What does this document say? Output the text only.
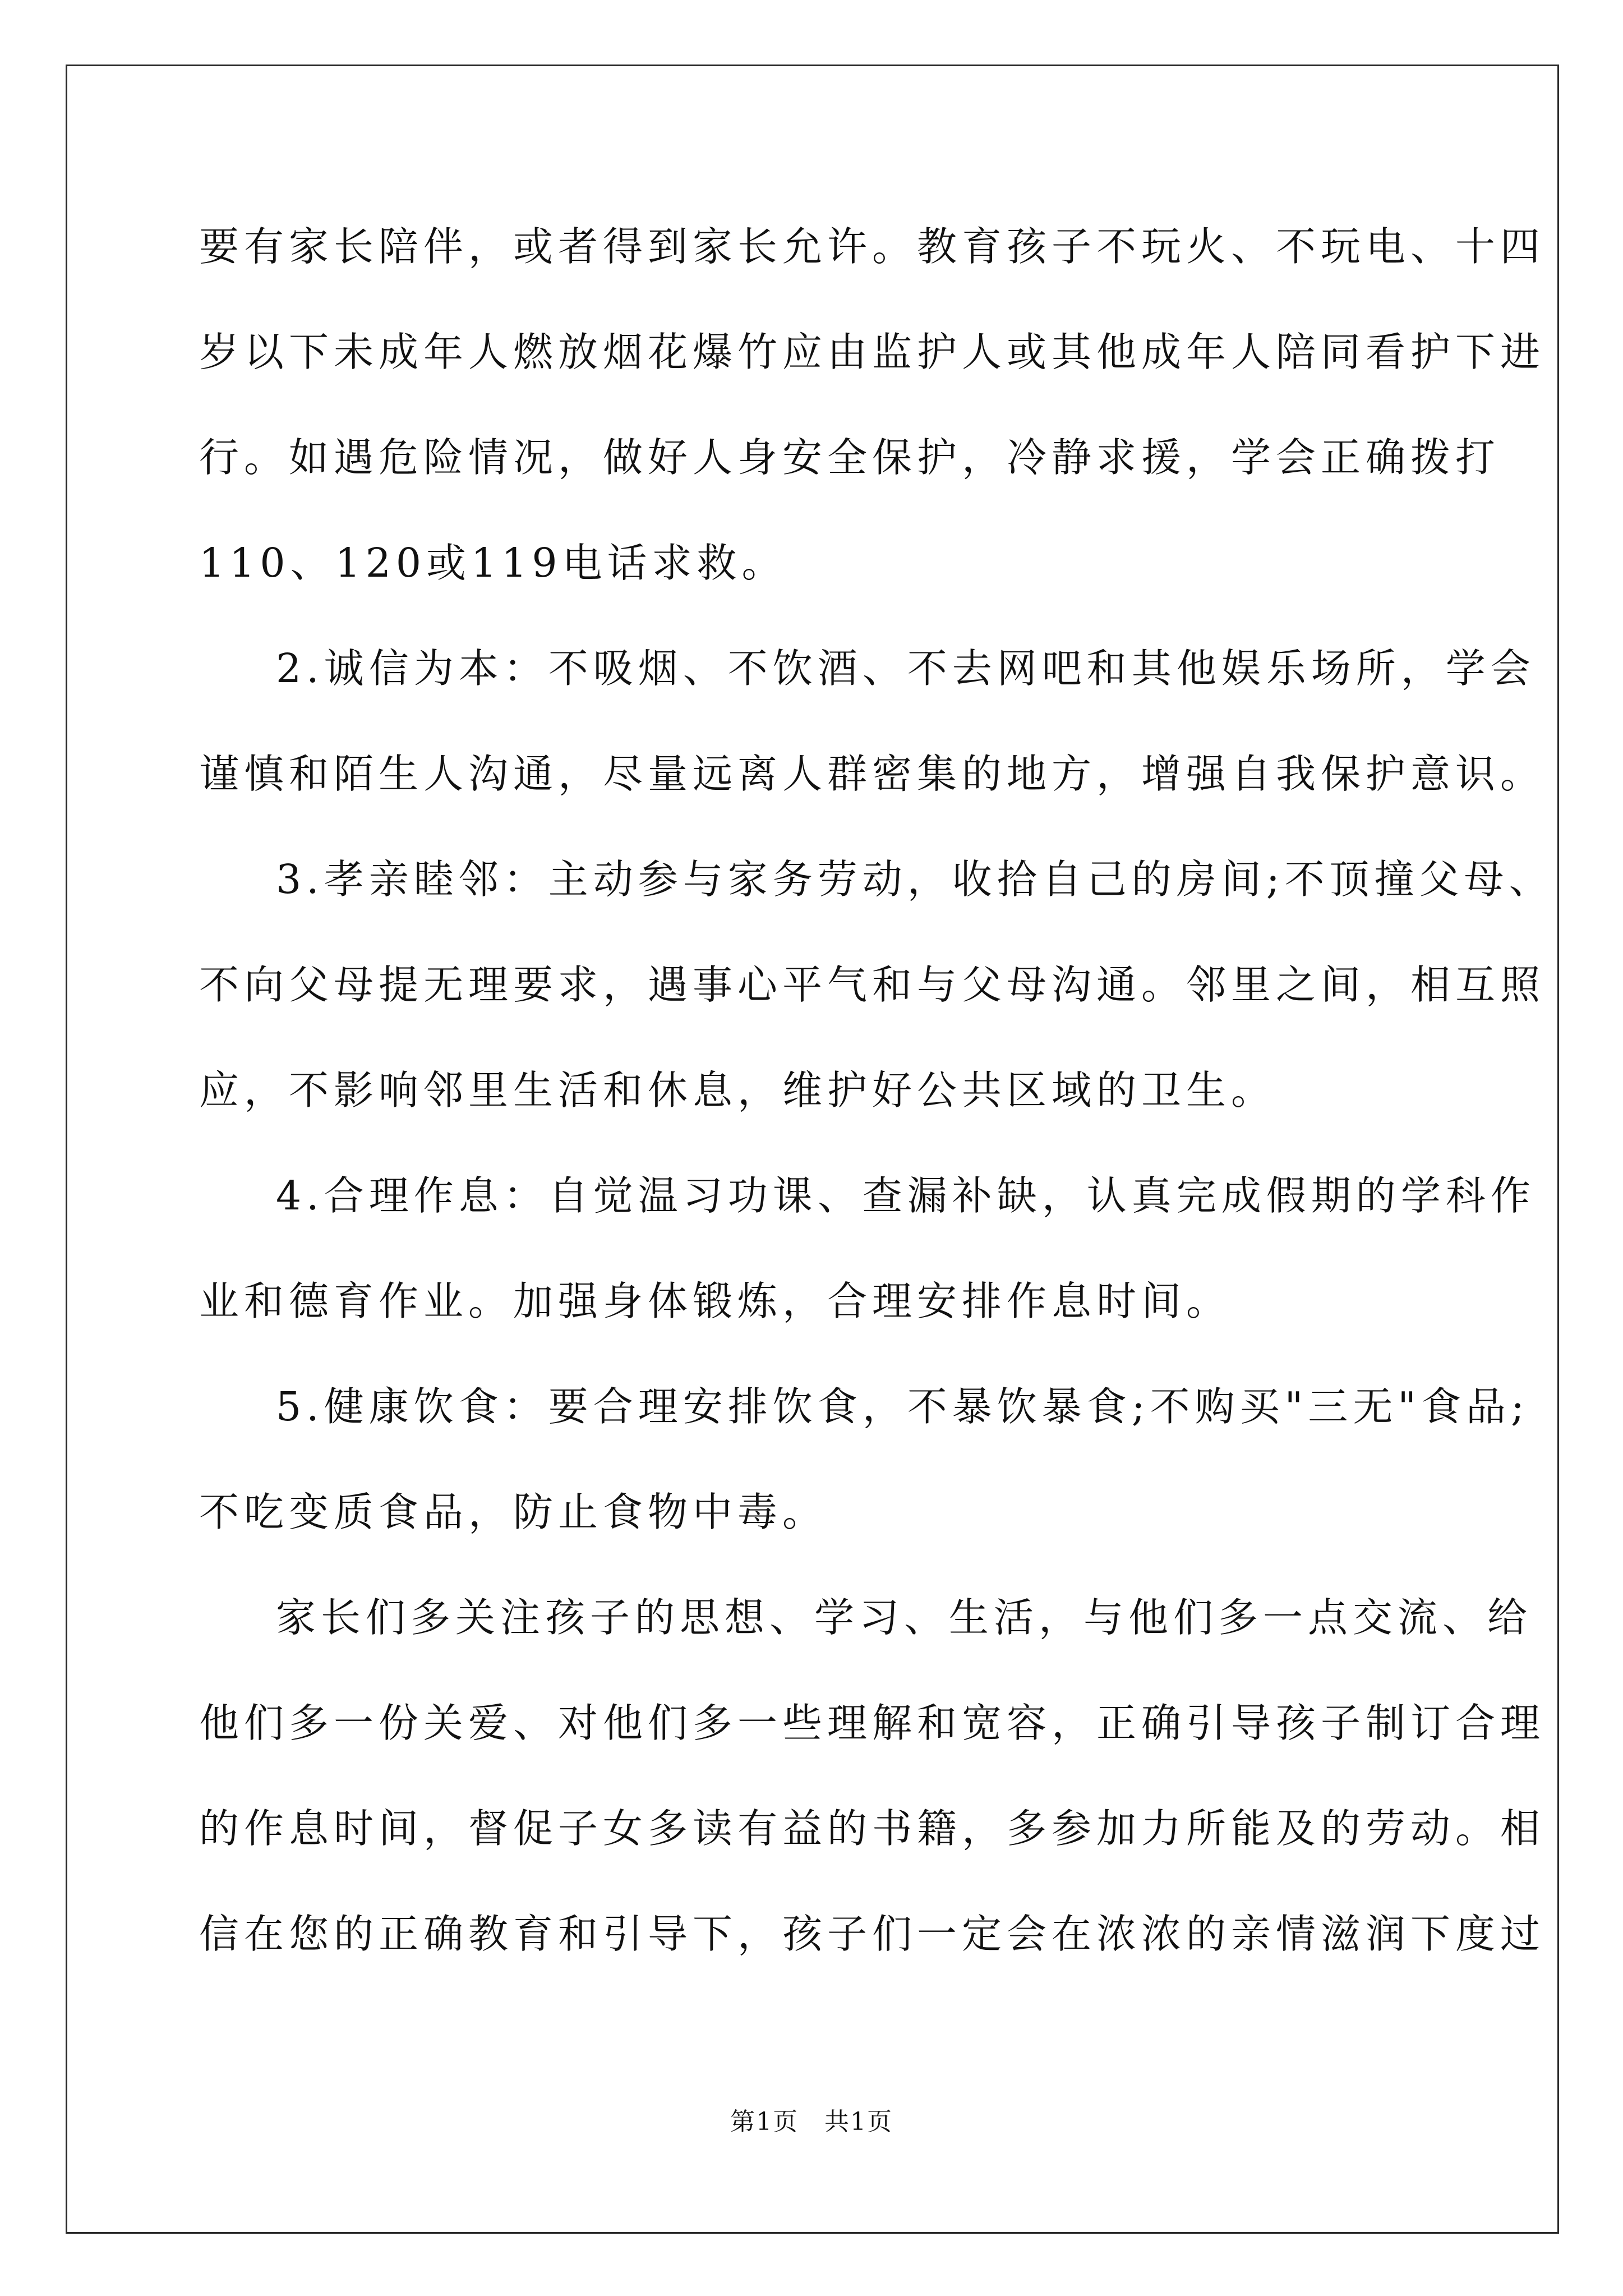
要有家长陪伴，或者得到家长允许。教育孩子不玩火、不玩电、十四
岁以下未成年人燃放烟花爆竹应由监护人或其他成年人陪同看护下进
行。如遇危险情况，做好人身安全保护，冷静求援，学会正确拨打
110、120或119电话求救。
2.诚信为本：不吸烟、不饮酒、不去网吧和其他娱乐场所，学会
谨慎和陌生人沟通，尽量远离人群密集的地方，增强自我保护意识。
3.孝亲睦邻：主动参与家务劳动，收拾自己的房间;不顶撞父母、
不向父母提无理要求，遇事心平气和与父母沟通。邻里之间，相互照
应，不影响邻里生活和休息，维护好公共区域的卫生。
4.合理作息：自觉温习功课、查漏补缺，认真完成假期的学科作
业和德育作业。加强身体锻炼，合理安排作息时间。
5.健康饮食：要合理安排饮食，不暴饮暴食;不购买"三无"食品;
不吃变质食品，防止食物中毒。
家长们多关注孩子的思想、学习、生活，与他们多一点交流、给
他们多一份关爱、对他们多一些理解和宽容，正确引导孩子制订合理
的作息时间，督促子女多读有益的书籍，多参加力所能及的劳动。相
信在您的正确教育和引导下，孩子们一定会在浓浓的亲情滋润下度过
第1页　共1页
